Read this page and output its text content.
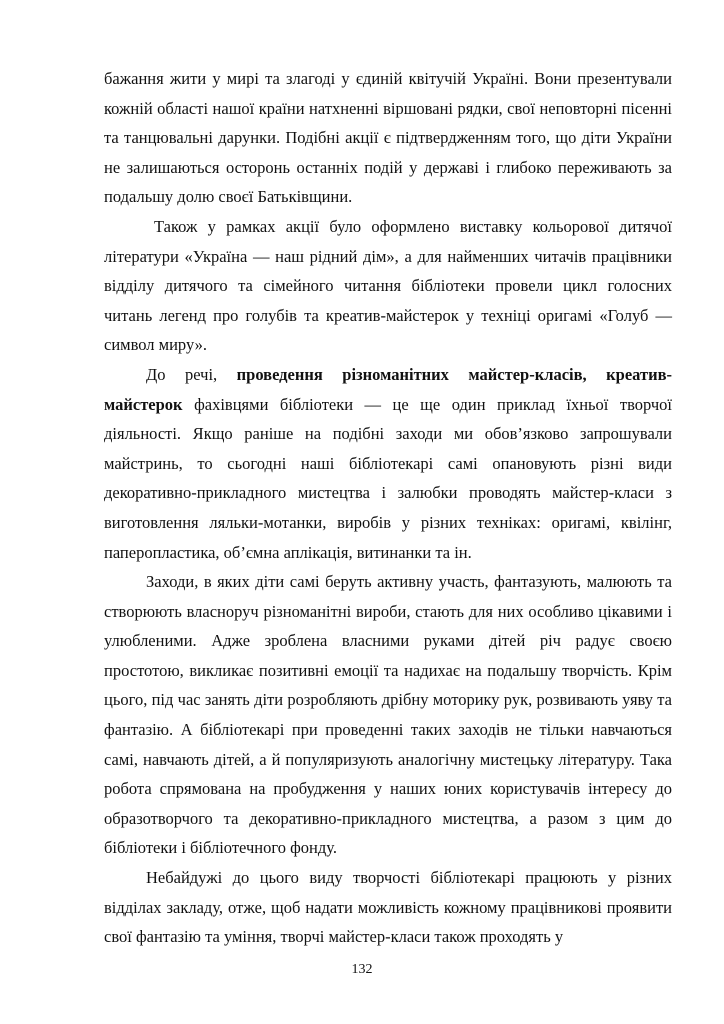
бажання жити у мирі та злагоді у єдиній квітучій Україні. Вони презентували кожній області нашої країни натхненні віршовані рядки, свої неповторні пісенні та танцювальні дарунки. Подібні акції є підтвердженням того, що діти України не залишаються осторонь останніх подій у державі і глибоко переживають за подальшу долю своєї Батьківщини.

Також у рамках акції було оформлено виставку кольорової дитячої літератури «Україна — наш рідний дім», а для найменших читачів працівники відділу дитячого та сімейного читання бібліотеки провели цикл голосних читань легенд про голубів та креатив-майстерок у техніці оригамі «Голуб — символ миру».

До речі, проведення різноманітних майстер-класів, креатив-майстерок фахівцями бібліотеки — це ще один приклад їхньої творчої діяльності. Якщо раніше на подібні заходи ми обов’язково запрошували майстринь, то сьогодні наші бібліотекарі самі опановують різні види декоративно-прикладного мистецтва і залюбки проводять майстер-класи з виготовлення ляльки-мотанки, виробів у різних техніках: оригамі, квілінг, паперопластика, об’ємна аплікація, витинанки та ін.

Заходи, в яких діти самі беруть активну участь, фантазують, малюють та створюють власноруч різноманітні вироби, стають для них особливо цікавими і улюбленими. Адже зроблена власними руками дітей річ радує своєю простотою, викликає позитивні емоції та надихає на подальшу творчість. Крім цього, під час занять діти розробляють дрібну моторику рук, розвивають уяву та фантазію. А бібліотекарі при проведенні таких заходів не тільки навчаються самі, навчають дітей, а й популяризують аналогічну мистецьку літературу. Така робота спрямована на пробудження у наших юних користувачів інтересу до образотворчого та декоративно-прикладного мистецтва, а разом з цим до бібліотеки і бібліотечного фонду.

Небайдужі до цього виду творчості бібліотекарі працюють у різних відділах закладу, отже, щоб надати можливість кожному працівникові проявити свої фантазію та уміння, творчі майстер-класи також проходять у

132
